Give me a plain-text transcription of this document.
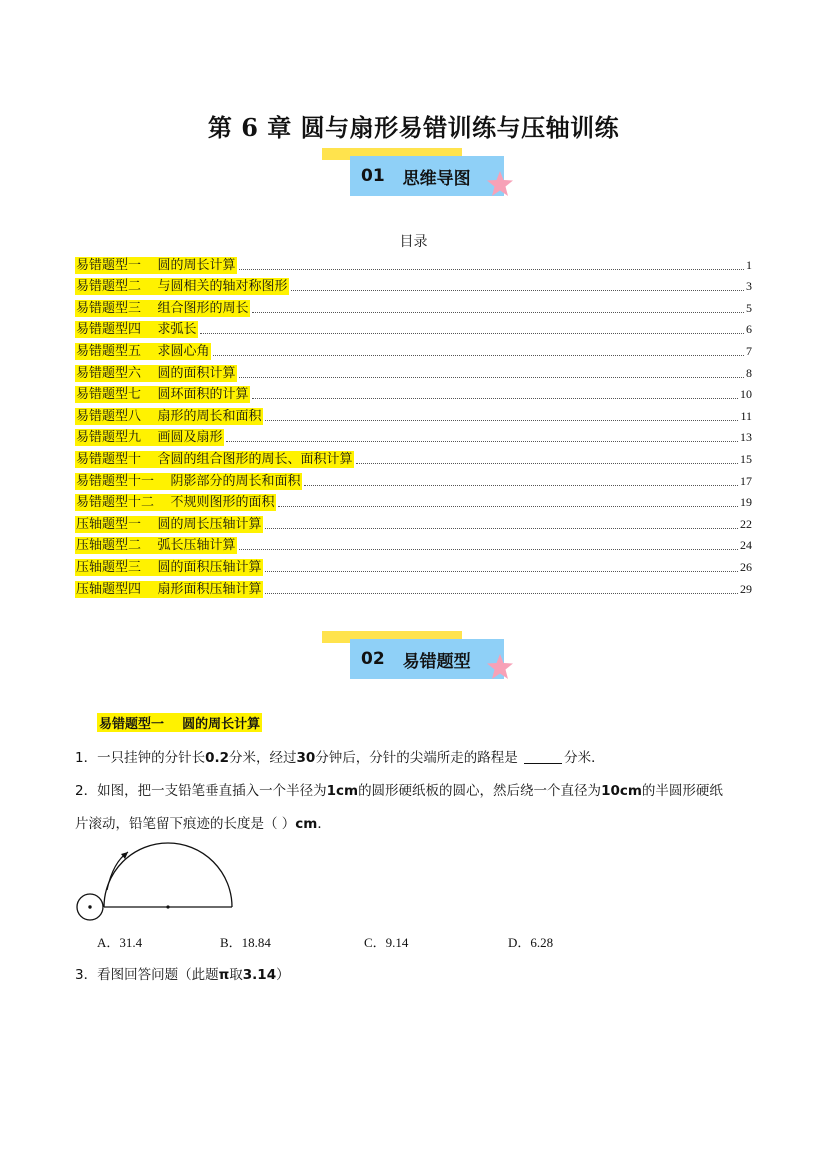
第 6 章 圆与扇形易错训练与压轴训练
01 思维导图
目录
易错题型一    圆的周长计算	1
易错题型二    与圆相关的轴对称图形	3
易错题型三    组合图形的周长	5
易错题型四    求弧长	6
易错题型五    求圆心角	7
易错题型六    圆的面积计算	8
易错题型七    圆环面积的计算	10
易错题型八    扇形的周长和面积	11
易错题型九    画圆及扇形	13
易错题型十    含圆的组合图形的周长、面积计算	15
易错题型十一    阴影部分的周长和面积	17
易错题型十二    不规则图形的面积	19
压轴题型一    圆的周长压轴计算	22
压轴题型二    弧长压轴计算	24
压轴题型三    圆的面积压轴计算	26
压轴题型四    扇形面积压轴计算	29
02 易错题型
易错题型一    圆的周长计算
1．一只挂钟的分针长0.2分米，经过30分钟后，分针的尖端所走的路程是	分米．
2．如图，把一支铅笔垂直插入一个半径为1cm的圆形硬纸板的圆心，然后绕一个直径为10cm的半圆形硬纸
片滚动，铅笔留下痕迹的长度是（ ）cm．
A．31.4	B．18.84	C．9.14	D．6.28
3．看图回答问题（此题π取3.14）
